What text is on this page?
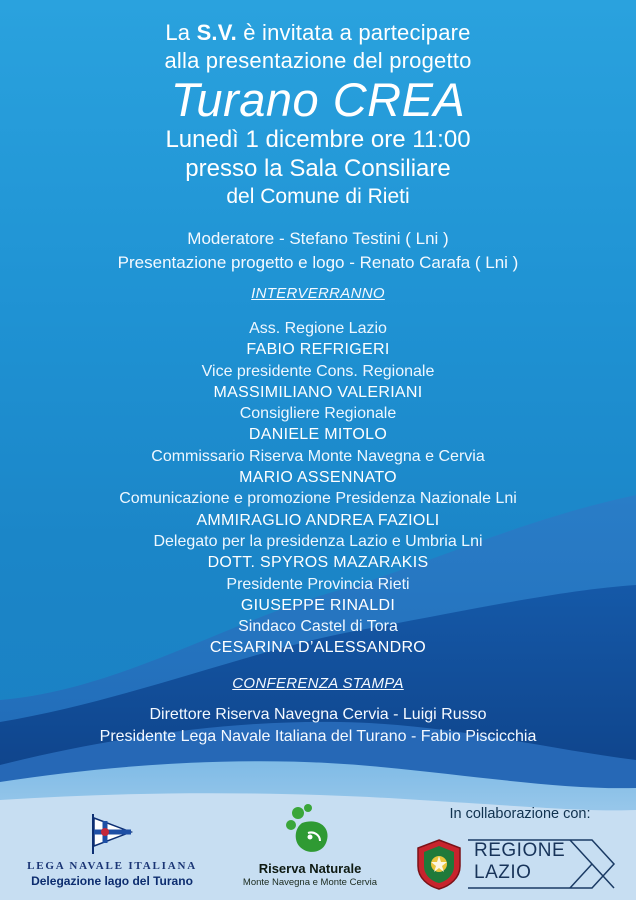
La S.V. è invitata a partecipare
alla presentazione del progetto
Turano CREA
Lunedì 1 dicembre ore 11:00
presso la Sala Consiliare
del Comune di Rieti
Moderatore - Stefano Testini ( Lni )
Presentazione progetto e logo - Renato Carafa ( Lni )
INTERVERRANNO
Ass. Regione Lazio
FABIO REFRIGERI
Vice presidente Cons. Regionale
MASSIMILIANO VALERIANI
Consigliere Regionale
DANIELE MITOLO
Commissario Riserva Monte Navegna e Cervia
MARIO ASSENNATO
Comunicazione e promozione Presidenza Nazionale Lni
AMMIRAGLIO ANDREA FAZIOLI
Delegato per la presidenza Lazio e Umbria Lni
DOTT. SPYROS MAZARAKIS
Presidente Provincia Rieti
GIUSEPPE RINALDI
Sindaco Castel di Tora
CESARINA D’ALESSANDRO
CONFERENZA STAMPA
Direttore Riserva Navegna Cervia - Luigi Russo
Presidente Lega Navale Italiana del Turano - Fabio Piscicchia
LEGA NAVALE ITALIANA
Delegazione lago del Turano
Riserva Naturale
Monte Navegna e Monte Cervia
In collaborazione con:
REGIONE
LAZIO
